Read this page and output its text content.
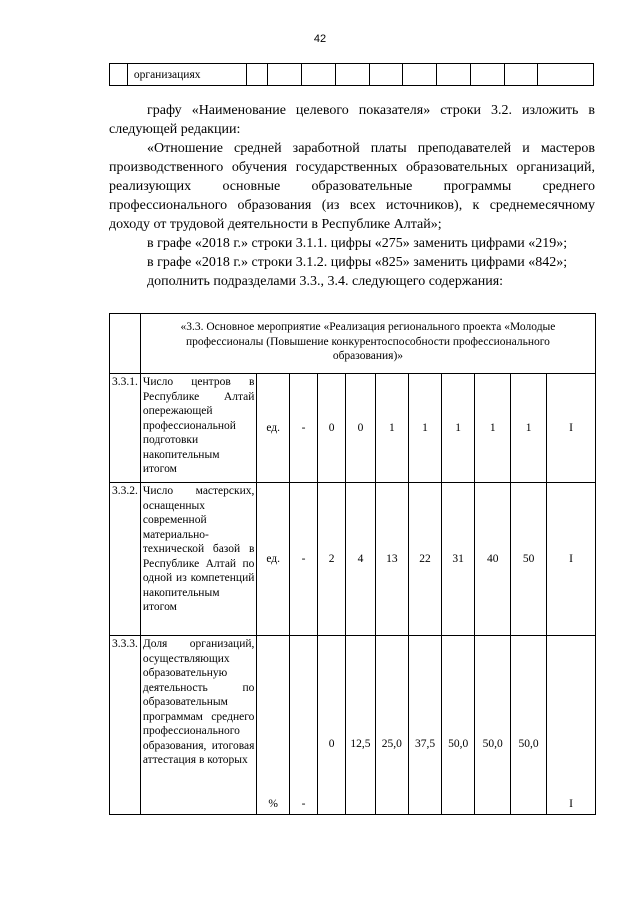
42
	организациях										

графу «Наименование целевого показателя» строки 3.2. изложить в следующей редакции:

«Отношение средней заработной платы преподавателей и мастеров производственного обучения государственных образовательных организаций, реализующих основные образовательные программы среднего профессионального образования (из всех источников), к среднемесячному доходу от трудовой деятельности в Республике Алтай»;

в графе «2018 г.» строки 3.1.1. цифры «275» заменить цифрами «219»;

в графе «2018 г.» строки 3.1.2. цифры «825» заменить цифрами «842»;

дополнить подразделами 3.3., 3.4. следующего содержания:

	«3.3. Основное мероприятие «Реализация регионального проекта «Молодые профессионалы (Повышение конкурентоспособности профессионального образования)»										
3.3.1.	Число центров в Республике Алтай опережающей профессиональной подготовки накопительным итогом	ед.	-	0	0	1	1	1	1	1	I
3.3.2.	Число мастерских, оснащенных современной материально-технической базой в Республике Алтай по одной из компетенций накопительным итогом	ед.	-	2	4	13	22	31	40	50	I
3.3.3.	Доля организаций, осуществляющих образовательную деятельность по образовательным программам среднего профессионального образования, итоговая аттестация в которых	%	-	0	12,5	25,0	37,5	50,0	50,0	50,0	I
